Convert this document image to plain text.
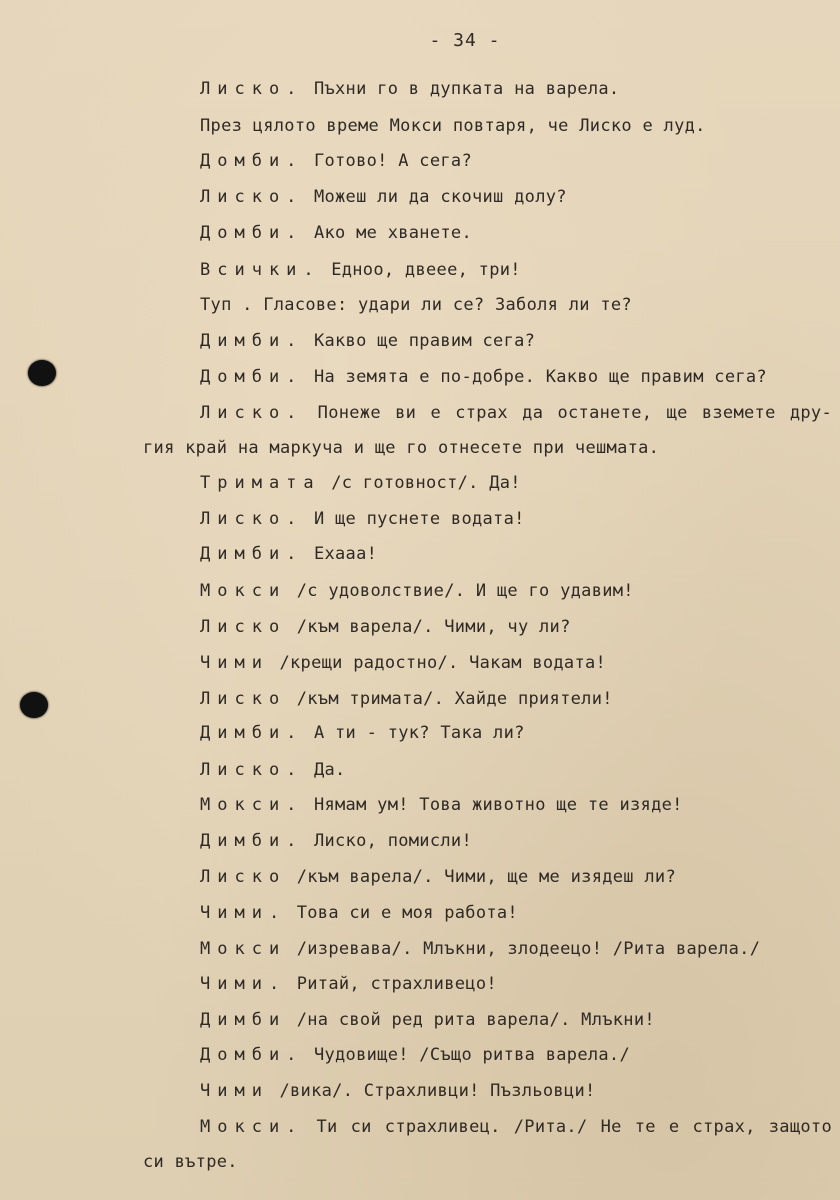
- 34 -
Лиско. Пъхни го в дупката на варела.
През цялото време Мокси повтаря, че Лиско е луд.
Домби. Готово! А сега?
Лиско. Можеш ли да скочиш долу?
Домби. Ако ме хванете.
Всички. Едноо, двеее, три!
Туп . Гласове: удари ли се? Заболя ли те?
Димби. Какво ще правим сега?
Домби. На земята е по-добре. Какво ще правим сега?
Лиско. Понеже ви е страх да останете, ще вземете дру-
гия край на маркуча и ще го отнесете при чешмата.
Тримата /с готовност/. Да!
Лиско. И ще пуснете водата!
Димби. Ехааа!
Мокси /с удоволствие/. И ще го удавим!
Лиско /към варела/. Чими, чу ли?
Чими /крещи радостно/. Чакам водата!
Лиско /към тримата/. Хайде приятели!
Димби. А ти - тук? Така ли?
Лиско. Да.
Мокси. Нямам ум! Това животно ще те изяде!
Димби. Лиско, помисли!
Лиско /към варела/. Чими, ще ме изядеш ли?
Чими. Това си е моя работа!
Мокси /изревава/. Млъкни, злодеецо! /Рита варела./
Чими. Ритай, страхливецо!
Димби /на свой ред рита варела/. Млъкни!
Домби. Чудовище! /Също ритва варела./
Чими /вика/. Страхливци! Пъзльовци!
Мокси. Ти си страхливец. /Рита./ Не те е страх, защото
си вътре.
